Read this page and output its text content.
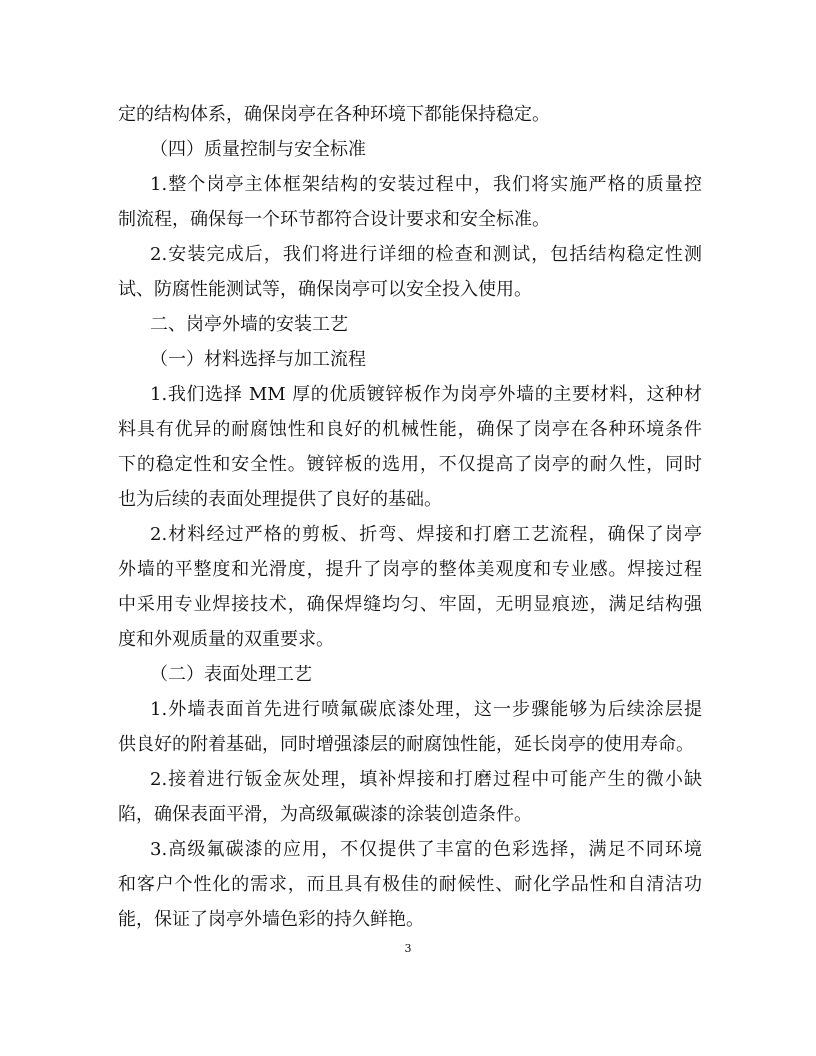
定的结构体系，确保岗亭在各种环境下都能保持稳定。
（四）质量控制与安全标准
1.整个岗亭主体框架结构的安装过程中，我们将实施严格的质量控
制流程，确保每一个环节都符合设计要求和安全标准。
2.安装完成后，我们将进行详细的检查和测试，包括结构稳定性测
试、防腐性能测试等，确保岗亭可以安全投入使用。
二、岗亭外墙的安装工艺
（一）材料选择与加工流程
1.我们选择 MM 厚的优质镀锌板作为岗亭外墙的主要材料，这种材
料具有优异的耐腐蚀性和良好的机械性能，确保了岗亭在各种环境条件
下的稳定性和安全性。镀锌板的选用，不仅提高了岗亭的耐久性，同时
也为后续的表面处理提供了良好的基础。
2.材料经过严格的剪板、折弯、焊接和打磨工艺流程，确保了岗亭
外墙的平整度和光滑度，提升了岗亭的整体美观度和专业感。焊接过程
中采用专业焊接技术，确保焊缝均匀、牢固，无明显痕迹，满足结构强
度和外观质量的双重要求。
（二）表面处理工艺
1.外墙表面首先进行喷氟碳底漆处理，这一步骤能够为后续涂层提
供良好的附着基础，同时增强漆层的耐腐蚀性能，延长岗亭的使用寿命。
2.接着进行钣金灰处理，填补焊接和打磨过程中可能产生的微小缺
陷，确保表面平滑，为高级氟碳漆的涂装创造条件。
3.高级氟碳漆的应用，不仅提供了丰富的色彩选择，满足不同环境
和客户个性化的需求，而且具有极佳的耐候性、耐化学品性和自清洁功
能，保证了岗亭外墙色彩的持久鲜艳。
3
